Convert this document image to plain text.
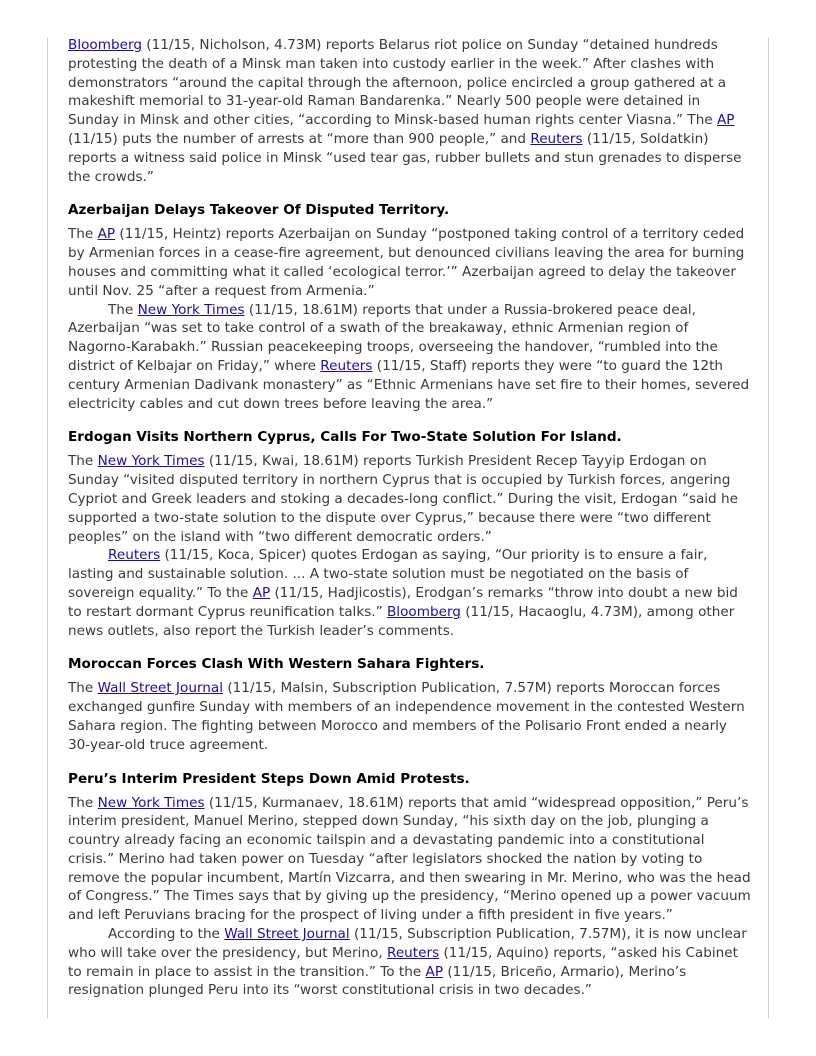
Bloomberg (11/15, Nicholson, 4.73M) reports Belarus riot police on Sunday “detained hundreds protesting the death of a Minsk man taken into custody earlier in the week.” After clashes with demonstrators “around the capital through the afternoon, police encircled a group gathered at a makeshift memorial to 31-year-old Raman Bandarenka.” Nearly 500 people were detained in Sunday in Minsk and other cities, “according to Minsk-based human rights center Viasna.” The AP (11/15) puts the number of arrests at “more than 900 people,” and Reuters (11/15, Soldatkin) reports a witness said police in Minsk “used tear gas, rubber bullets and stun grenades to disperse the crowds.”

Azerbaijan Delays Takeover Of Disputed Territory.

The AP (11/15, Heintz) reports Azerbaijan on Sunday “postponed taking control of a territory ceded by Armenian forces in a cease-fire agreement, but denounced civilians leaving the area for burning houses and committing what it called ‘ecological terror.’” Azerbaijan agreed to delay the takeover until Nov. 25 “after a request from Armenia.”

The New York Times (11/15, 18.61M) reports that under a Russia-brokered peace deal, Azerbaijan “was set to take control of a swath of the breakaway, ethnic Armenian region of Nagorno-Karabakh.” Russian peacekeeping troops, overseeing the handover, “rumbled into the district of Kelbajar on Friday,” where Reuters (11/15, Staff) reports they were “to guard the 12th century Armenian Dadivank monastery” as “Ethnic Armenians have set fire to their homes, severed electricity cables and cut down trees before leaving the area.”

Erdogan Visits Northern Cyprus, Calls For Two-State Solution For Island.

The New York Times (11/15, Kwai, 18.61M) reports Turkish President Recep Tayyip Erdogan on Sunday “visited disputed territory in northern Cyprus that is occupied by Turkish forces, angering Cypriot and Greek leaders and stoking a decades-long conflict.” During the visit, Erdogan “said he supported a two-state solution to the dispute over Cyprus,” because there were “two different peoples” on the island with “two different democratic orders.”

Reuters (11/15, Koca, Spicer) quotes Erdogan as saying, “Our priority is to ensure a fair, lasting and sustainable solution. ... A two-state solution must be negotiated on the basis of sovereign equality.” To the AP (11/15, Hadjicostis), Erodgan’s remarks “throw into doubt a new bid to restart dormant Cyprus reunification talks.” Bloomberg (11/15, Hacaoglu, 4.73M), among other news outlets, also report the Turkish leader’s comments.

Moroccan Forces Clash With Western Sahara Fighters.

The Wall Street Journal (11/15, Malsin, Subscription Publication, 7.57M) reports Moroccan forces exchanged gunfire Sunday with members of an independence movement in the contested Western Sahara region. The fighting between Morocco and members of the Polisario Front ended a nearly 30-year-old truce agreement.

Peru’s Interim President Steps Down Amid Protests.

The New York Times (11/15, Kurmanaev, 18.61M) reports that amid “widespread opposition,” Peru’s interim president, Manuel Merino, stepped down Sunday, “his sixth day on the job, plunging a country already facing an economic tailspin and a devastating pandemic into a constitutional crisis.” Merino had taken power on Tuesday “after legislators shocked the nation by voting to remove the popular incumbent, Martín Vizcarra, and then swearing in Mr. Merino, who was the head of Congress.” The Times says that by giving up the presidency, “Merino opened up a power vacuum and left Peruvians bracing for the prospect of living under a fifth president in five years.”

According to the Wall Street Journal (11/15, Subscription Publication, 7.57M), it is now unclear who will take over the presidency, but Merino, Reuters (11/15, Aquino) reports, “asked his Cabinet to remain in place to assist in the transition.” To the AP (11/15, Briceño, Armario), Merino’s resignation plunged Peru into its “worst constitutional crisis in two decades.”
